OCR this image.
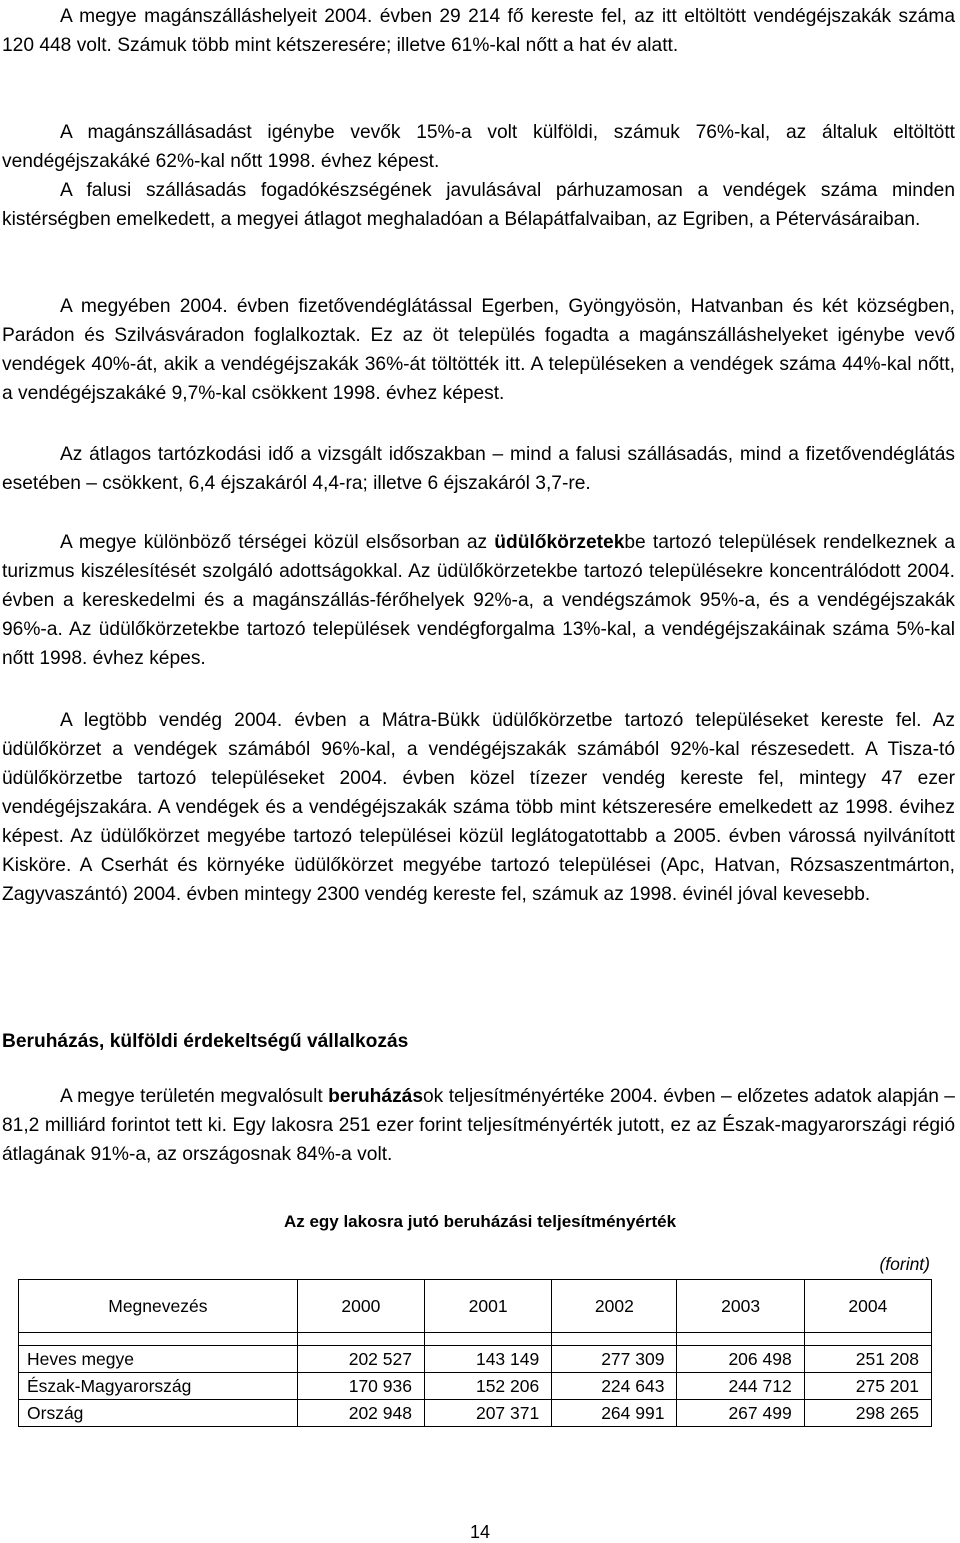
A megye magánszálláshelyeit 2004. évben 29 214 fő kereste fel, az itt eltöltött vendégéjszakák száma 120 448 volt. Számuk több mint kétszeresére; illetve 61%-kal nőtt a hat év alatt.

A magánszállásadást igénybe vevők 15%-a volt külföldi, számuk 76%-kal, az általuk eltöltött vendégéjszakáké 62%-kal nőtt 1998. évhez képest.

A falusi szállásadás fogadókészségének javulásával párhuzamosan a vendégek száma minden kistérségben emelkedett, a megyei átlagot meghaladóan a Bélapátfalvaiban, az Egriben, a Pétervásáraiban.

A megyében 2004. évben fizetővendéglátással Egerben, Gyöngyösön, Hatvanban és két községben, Parádon és Szilvásváradon foglalkoztak. Ez az öt település fogadta a magánszálláshelyeket igénybe vevő vendégek 40%-át, akik a vendégéjszakák 36%-át töltötték itt. A településeken a vendégek száma 44%-kal nőtt, a vendégéjszakáké 9,7%-kal csökkent 1998. évhez képest.

Az átlagos tartózkodási idő a vizsgált időszakban – mind a falusi szállásadás, mind a fizetővendéglátás esetében – csökkent, 6,4 éjszakáról 4,4-ra; illetve 6 éjszakáról 3,7-re.

A megye különböző térségei közül elsősorban az üdülőkörzetekbe tartozó települések rendelkeznek a turizmus kiszélesítését szolgáló adottságokkal. Az üdülőkörzetekbe tartozó településekre koncentrálódott 2004. évben a kereskedelmi és a magánszállás-férőhelyek 92%-a, a vendégszámok 95%-a, és a vendégéjszakák 96%-a. Az üdülőkörzetekbe tartozó települések vendégforgalma 13%-kal, a vendégéjszakáinak száma 5%-kal nőtt 1998. évhez képes.

A legtöbb vendég 2004. évben a Mátra-Bükk üdülőkörzetbe tartozó településeket kereste fel. Az üdülőkörzet a vendégek számából 96%-kal, a vendégéjszakák számából 92%-kal részesedett. A Tisza-tó üdülőkörzetbe tartozó településeket 2004. évben közel tízezer vendég kereste fel, mintegy 47 ezer vendégéjszakára. A vendégek és a vendégéjszakák száma több mint kétszeresére emelkedett az 1998. évihez képest. Az üdülőkörzet megyébe tartozó települései közül leglátogatottabb a 2005. évben várossá nyilvánított Kisköre. A Cserhát és környéke üdülőkörzet megyébe tartozó települései (Apc, Hatvan, Rózsaszentmárton, Zagyvaszántó) 2004. évben mintegy 2300 vendég kereste fel, számuk az 1998. évinél jóval kevesebb.

Beruházás, külföldi érdekeltségű vállalkozás

A megye területén megvalósult beruházások teljesítményértéke 2004. évben – előzetes adatok alapján – 81,2 milliárd forintot tett ki. Egy lakosra 251 ezer forint teljesítményérték jutott, ez az Észak-magyarországi régió átlagának 91%-a, az országosnak 84%-a volt.

Az egy lakosra jutó beruházási teljesítményérték

(forint)
Megnevezés	2000	2001	2002	2003	2004

Heves megye	202 527	143 149	277 309	206 498	251 208
Észak-Magyarország	170 936	152 206	224 643	244 712	275 201
Ország	202 948	207 371	264 991	267 499	298 265
14
